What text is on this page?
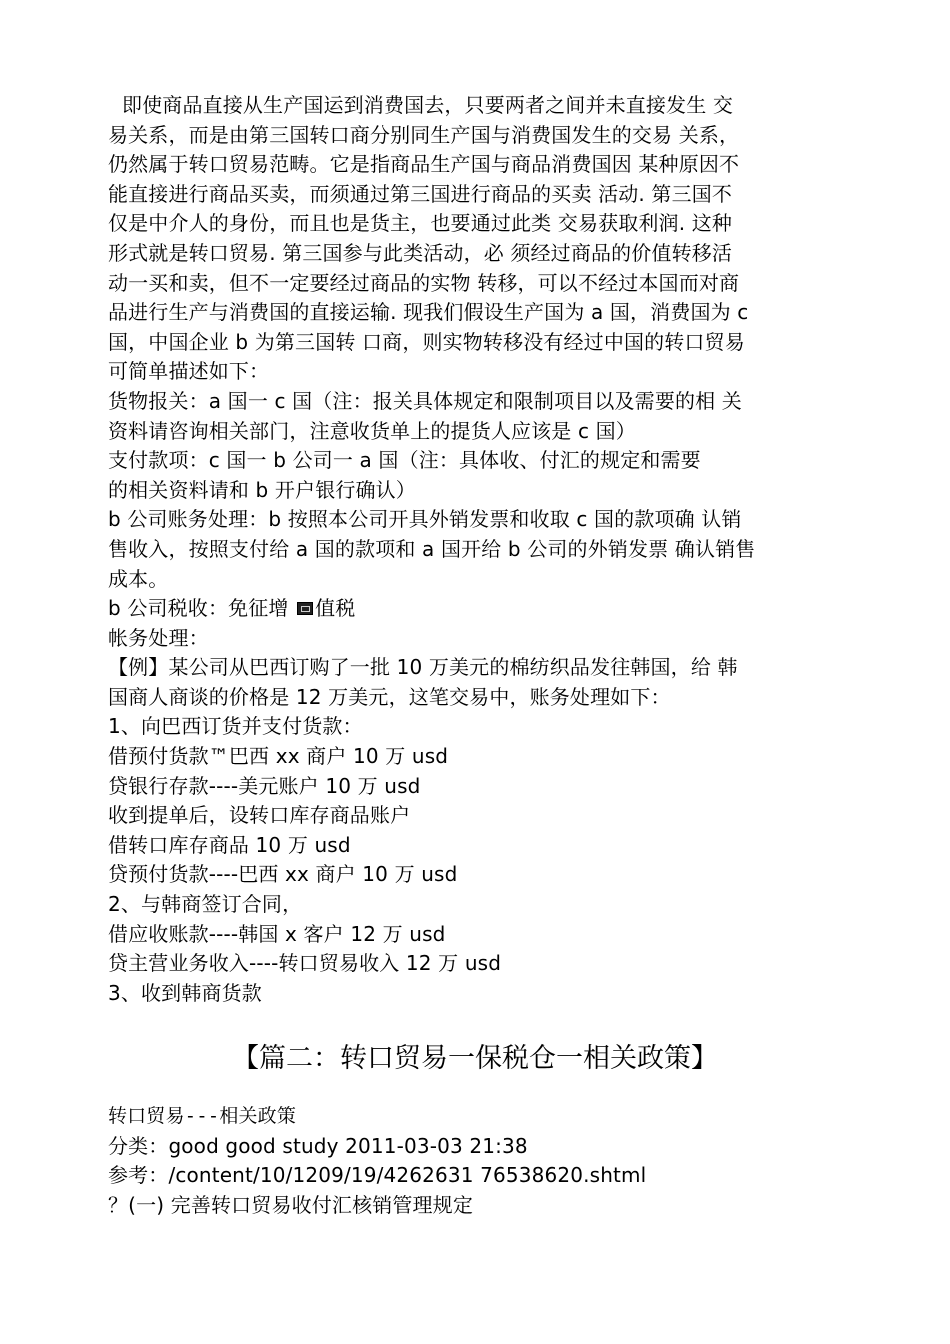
即使商品直接从生产国运到消费国去，只要两者之间并未直接发生 交
易关系，而是由第三国转口商分别同生产国与消费国发生的交易 关系，
仍然属于转口贸易范畴。它是指商品生产国与商品消费国因 某种原因不
能直接进行商品买卖，而须通过第三国进行商品的买卖 活动. 第三国不
仅是中介人的身份，而且也是货主，也要通过此类 交易获取利润. 这种
形式就是转口贸易. 第三国参与此类活动，必 须经过商品的价值转移活
动一买和卖，但不一定要经过商品的实物 转移，可以不经过本国而对商
品进行生产与消费国的直接运输. 现我们假设生产国为 a 国，消费国为 c
国，中国企业 b 为第三国转 口商，则实物转移没有经过中国的转口贸易
可简单描述如下：
货物报关：a 国一 c 国（注：报关具体规定和限制项目以及需要的相 关
资料请咨询相关部门，注意收货单上的提货人应该是 c 国）
支付款项：c 国一 b 公司一 a 国（注：具体收、付汇的规定和需要
的相关资料请和 b 开户银行确认）
b 公司账务处理：b 按照本公司开具外销发票和收取 c 国的款项确 认销
售收入，按照支付给 a 国的款项和 a 国开给 b 公司的外销发票 确认销售
成本。
b 公司税收：免征增 值税
帐务处理：
【例】某公司从巴西订购了一批 10 万美元的棉纺织品发往韩国，给 韩
国商人商谈的价格是 12 万美元，这笔交易中，账务处理如下：
1、向巴西订货并支付货款：
借预付货款™巴西 xx 商户 10 万 usd
贷银行存款----美元账户 10 万 usd
收到提单后，设转口库存商品账户
借转口库存商品 10 万 usd
贷预付货款----巴西 xx 商户 10 万 usd
2、与韩商签订合同，
借应收账款----韩国 x 客户 12 万 usd
贷主营业务收入----转口贸易收入 12 万 usd
3、收到韩商货款
【篇二：转口贸易一保税仓一相关政策】
转口贸易---相关政策
分类：good good study 2011-03-03 21:38
参考：/content/10/1209/19/4262631 76538620.shtml
？(一) 完善转口贸易收付汇核销管理规定
